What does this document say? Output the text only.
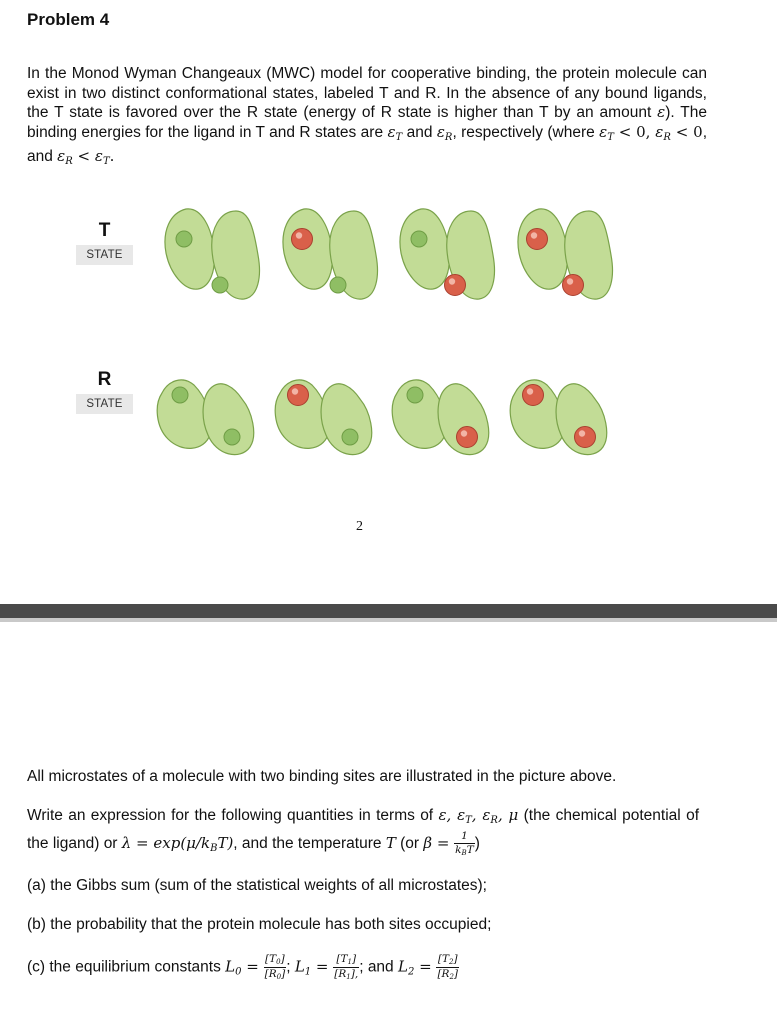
Problem 4
In the Monod Wyman Changeaux (MWC) model for cooperative binding, the protein molecule can exist in two distinct conformational states, labeled T and R. In the absence of any bound ligands, the T state is favored over the R state (energy of R state is higher than T by an amount ε). The binding energies for the ligand in T and R states are $\varepsilon_T$ and $\varepsilon_R$, respectively (where $\varepsilon_T < 0$, $\varepsilon_R < 0$, and $\varepsilon_R < \varepsilon_T$.
T
STATE
R
STATE
2
All microstates of a molecule with two binding sites are illustrated in the picture above.
Write an expression for the following quantities in terms of ε, $\varepsilon_T$, $\varepsilon_R$, μ (the chemical potential of the ligand) or $\lambda = \exp(\mu/k_BT)$, and the temperature T (or $\beta = \frac{1}{k_BT}$ )
(a) the Gibbs sum (sum of the statistical weights of all microstates);
(b) the probability that the protein molecule has both sites occupied;
(c) the equilibrium constants $L_0 = \frac{[T_0]}{[R_0]}$ ; $L_1 = \frac{[T_1]}{[R_1],}$ ; and $L_2 = \frac{[T_2]}{[R_2]}$
